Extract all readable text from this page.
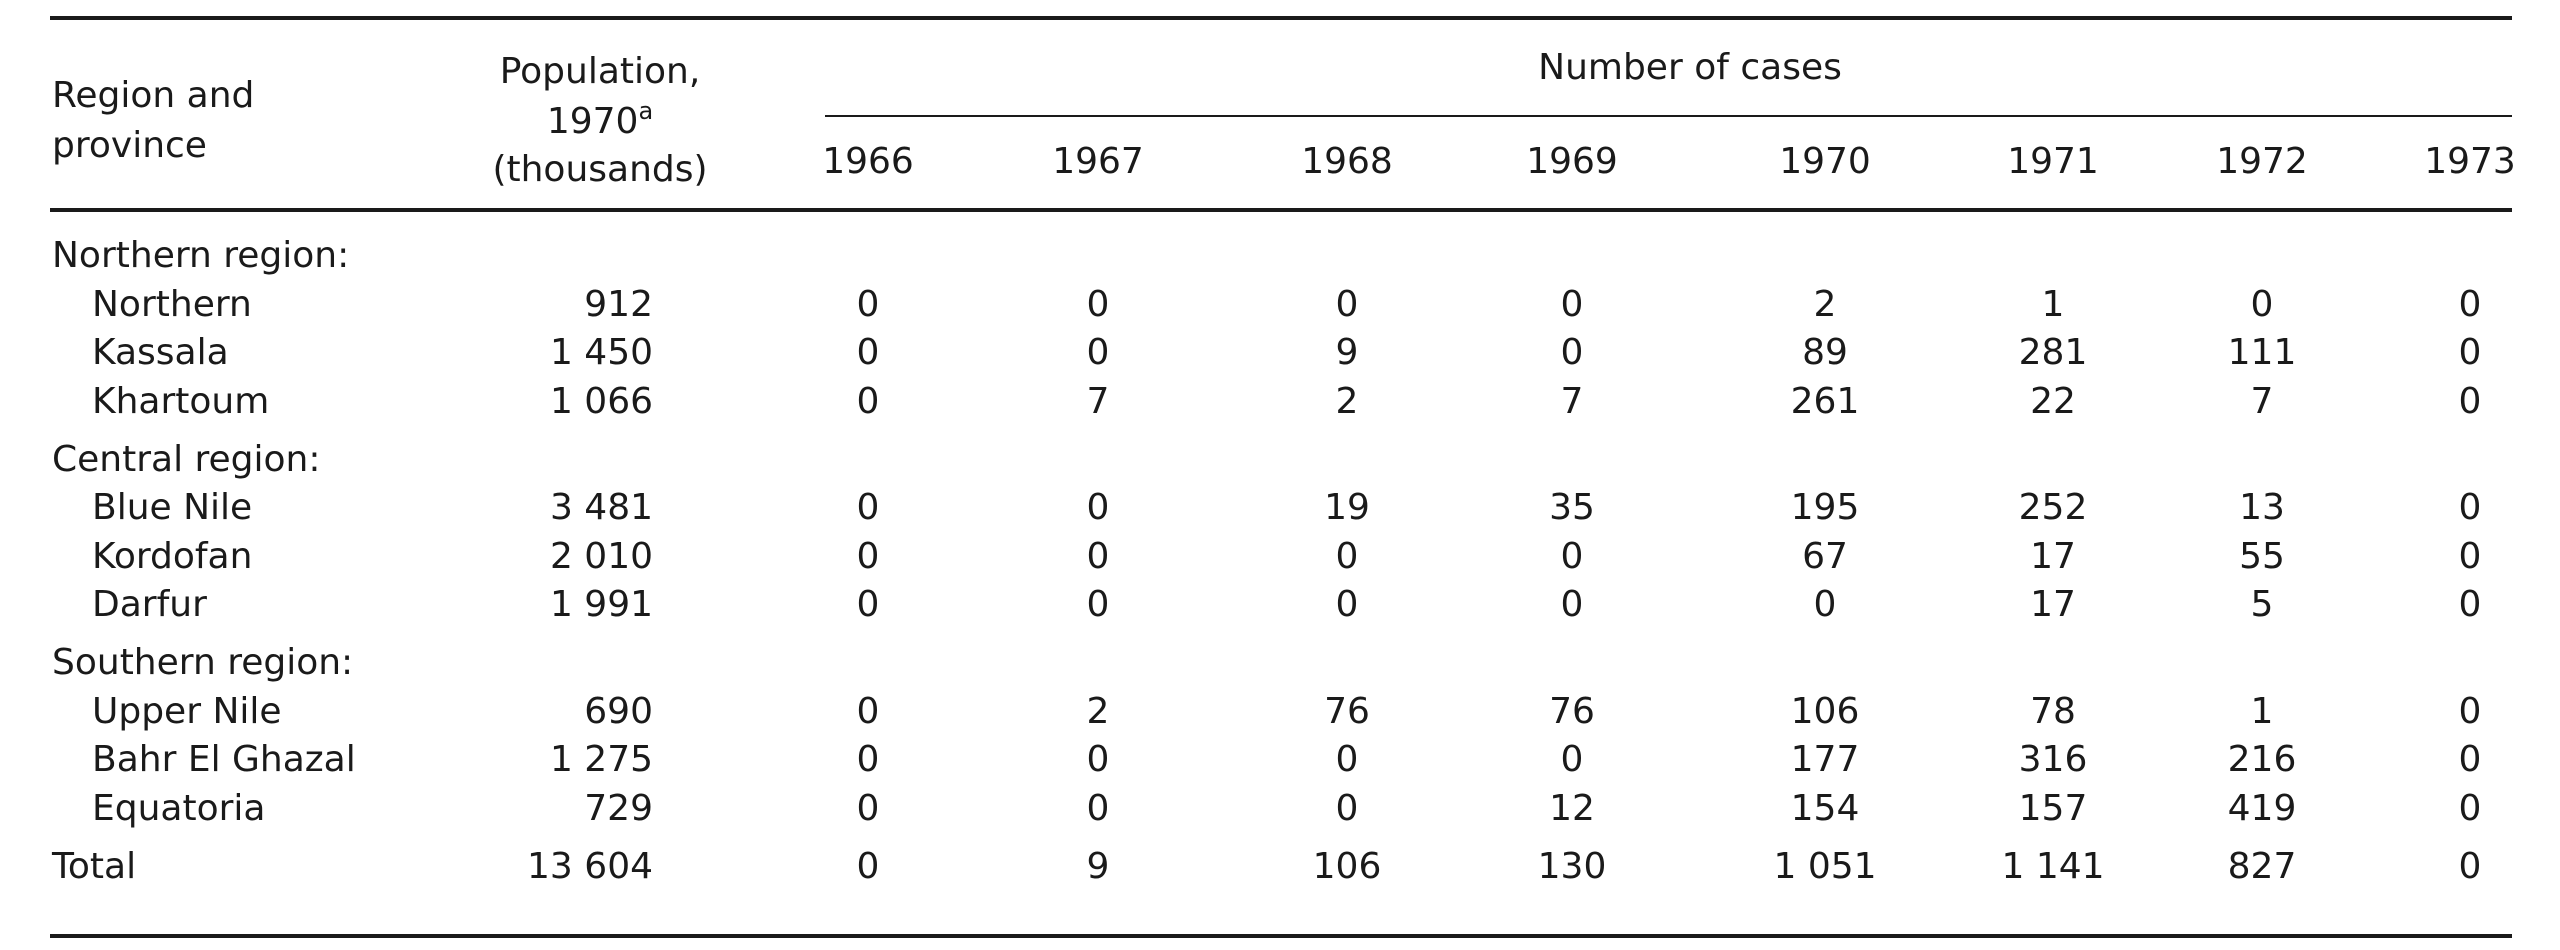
Region and
province
Population,
1970$^a$
(thousands)
Number of cases
1966	1967	1968	1969	1970	1971	1972	1973
Northern region:
Northern	912	0	0	0	0	2	1	0	0
Kassala	1 450	0	0	9	0	89	281	111	0
Khartoum	1 066	0	7	2	7	261	22	7	0
Central region:
Blue Nile	3 481	0	0	19	35	195	252	13	0
Kordofan	2 010	0	0	0	0	67	17	55	0
Darfur	1 991	0	0	0	0	0	17	5	0
Southern region:
Upper Nile	690	0	2	76	76	106	78	1	0
Bahr El Ghazal	1 275	0	0	0	0	177	316	216	0
Equatoria	729	0	0	0	12	154	157	419	0
Total	13 604	0	9	106	130	1 051	1 141	827	0
